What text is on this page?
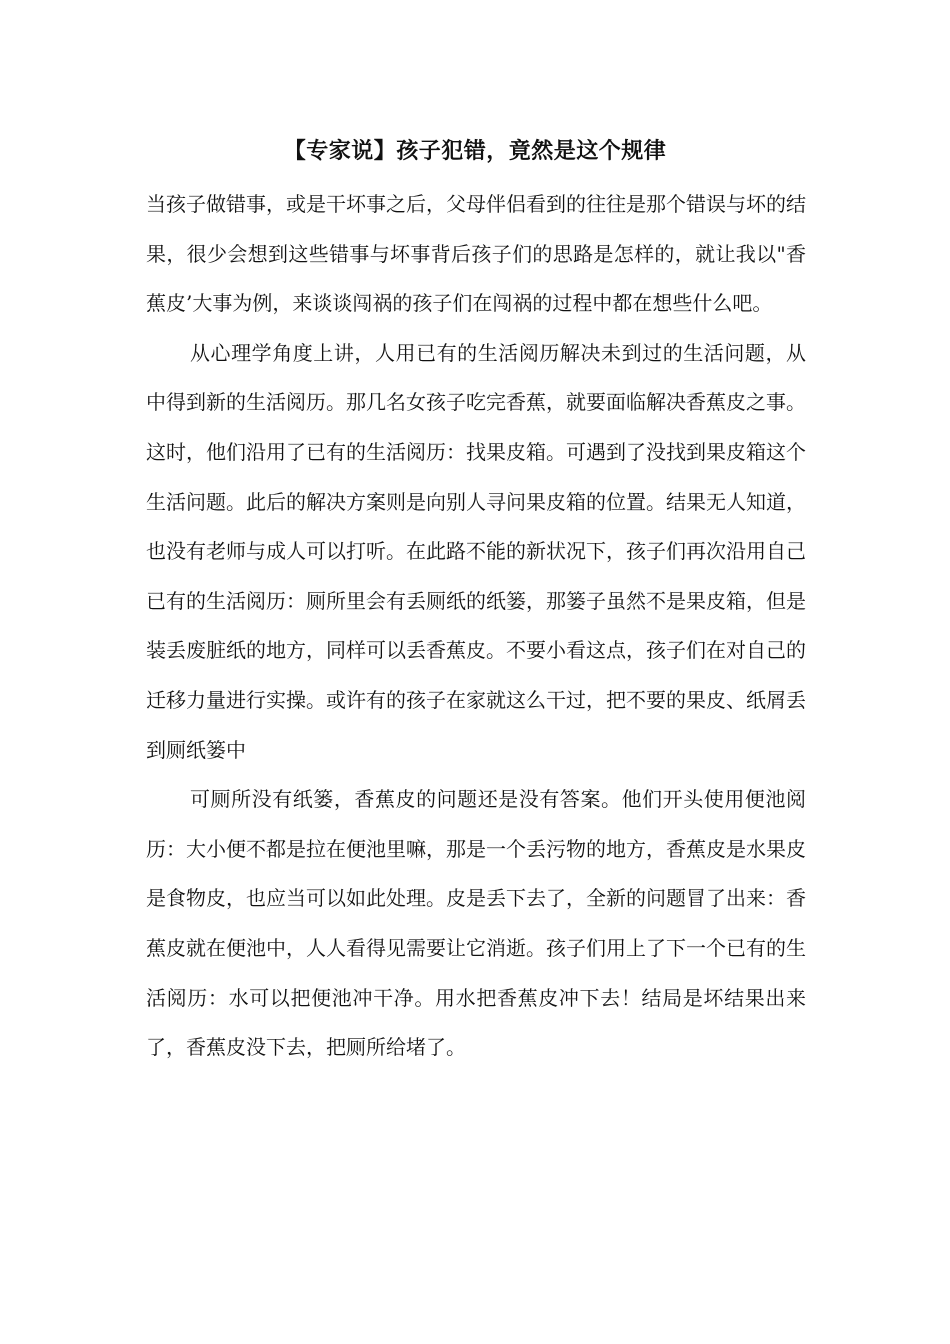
【专家说】孩子犯错，竟然是这个规律

当孩子做错事，或是干坏事之后，父母伴侣看到的往往是那个错误与坏的结果，很少会想到这些错事与坏事背后孩子们的思路是怎样的，就让我以"香蕉皮’大事为例，来谈谈闯祸的孩子们在闯祸的过程中都在想些什么吧。

从心理学角度上讲，人用已有的生活阅历解决未到过的生活问题，从中得到新的生活阅历。那几名女孩子吃完香蕉，就要面临解决香蕉皮之事。这时，他们沿用了已有的生活阅历：找果皮箱。可遇到了没找到果皮箱这个生活问题。此后的解决方案则是向别人寻问果皮箱的位置。结果无人知道，也没有老师与成人可以打听。在此路不能的新状况下，孩子们再次沿用自己已有的生活阅历：厕所里会有丢厕纸的纸篓，那篓子虽然不是果皮箱，但是装丢废脏纸的地方，同样可以丢香蕉皮。不要小看这点，孩子们在对自己的迁移力量进行实操。或许有的孩子在家就这么干过，把不要的果皮、纸屑丢到厕纸篓中

可厕所没有纸篓，香蕉皮的问题还是没有答案。他们开头使用便池阅历：大小便不都是拉在便池里嘛，那是一个丢污物的地方，香蕉皮是水果皮是食物皮，也应当可以如此处理。皮是丢下去了，全新的问题冒了出来：香蕉皮就在便池中，人人看得见需要让它消逝。孩子们用上了下一个已有的生活阅历：水可以把便池冲干净。用水把香蕉皮冲下去！结局是坏结果出来了，香蕉皮没下去，把厕所给堵了。
